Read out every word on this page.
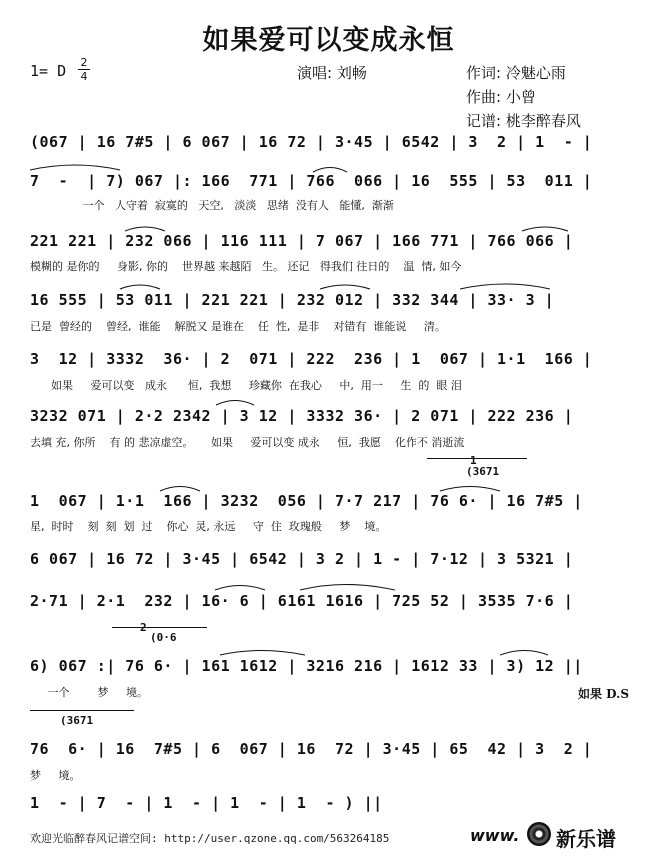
如果爱可以变成永恒
1= D 2
4	演唱: 刘畅	作词: 冷魅心雨
作曲: 小曾
记谱: 桃李醉春风
(067 | 16 7#5 | 6 067 | 16 72 | 3·45 | 6542 | 3  2 | 1  - |
7  -  | 7) 067 |: 166  771 | 766  066 | 16  555 | 53  011 |
一个   人守着  寂寞的   天空,   淡淡   思绪  没有人   能懂,  渐渐
221 221 | 232 066 | 116 111 | 7 067 | 166 771 | 766 066 |
模糊的 是你的     身影, 你的    世界越 来越陌   生。 还记   得我们 往日的    温  情, 如今
16 555 | 53 011 | 221 221 | 232 012 | 332 344 | 33· 3 |
已是  曾经的    曾经,  谁能    解脱又 是谁在    任  性,  是非    对错有  谁能说     清。
3  12 | 3332  36· | 2  071 | 222  236 | 1  067 | 1·1  166 |
如果     爱可以变   成永      恒,  我想     珍藏你  在我心     中,  用一     生  的  眼 泪
3232 071 | 2·2 2342 | 3 12 | 3332 36· | 2 071 | 222 236 |
去填 充, 你所    有 的 悲凉虚空。     如果     爱可以变 成永     恒,  我愿    化作不 消逝流
1
(3671
1  067 | 1·1  166 | 3232  056 | 7·7 217 | 76 6· | 16 7#5 |
星,  时时    刻  刻  划  过    你心  灵, 永远     守  住  玫瑰般     梦    境。
6 067 | 16 72 | 3·45 | 6542 | 3 2 | 1 - | 7·12 | 3 5321 |
2·71 | 2·1  232 | 16· 6 | 6161 1616 | 725 52 | 3535 7·6 |
2
(0·6
6) 067 :| 76 6· | 161 1612 | 3216 216 | 1612 33 | 3) 12 ||
一个        梦     境。	如果 D.S
(3671
76  6· | 16  7#5 | 6  067 | 16  72 | 3·45 | 65  42 | 3  2 |
梦     境。
1  - | 7  - | 1  - | 1  - | 1  - ) ||
欢迎光临醉春风记谱空间: http://user.qzone.qq.com/563264185	www. 新乐谱
